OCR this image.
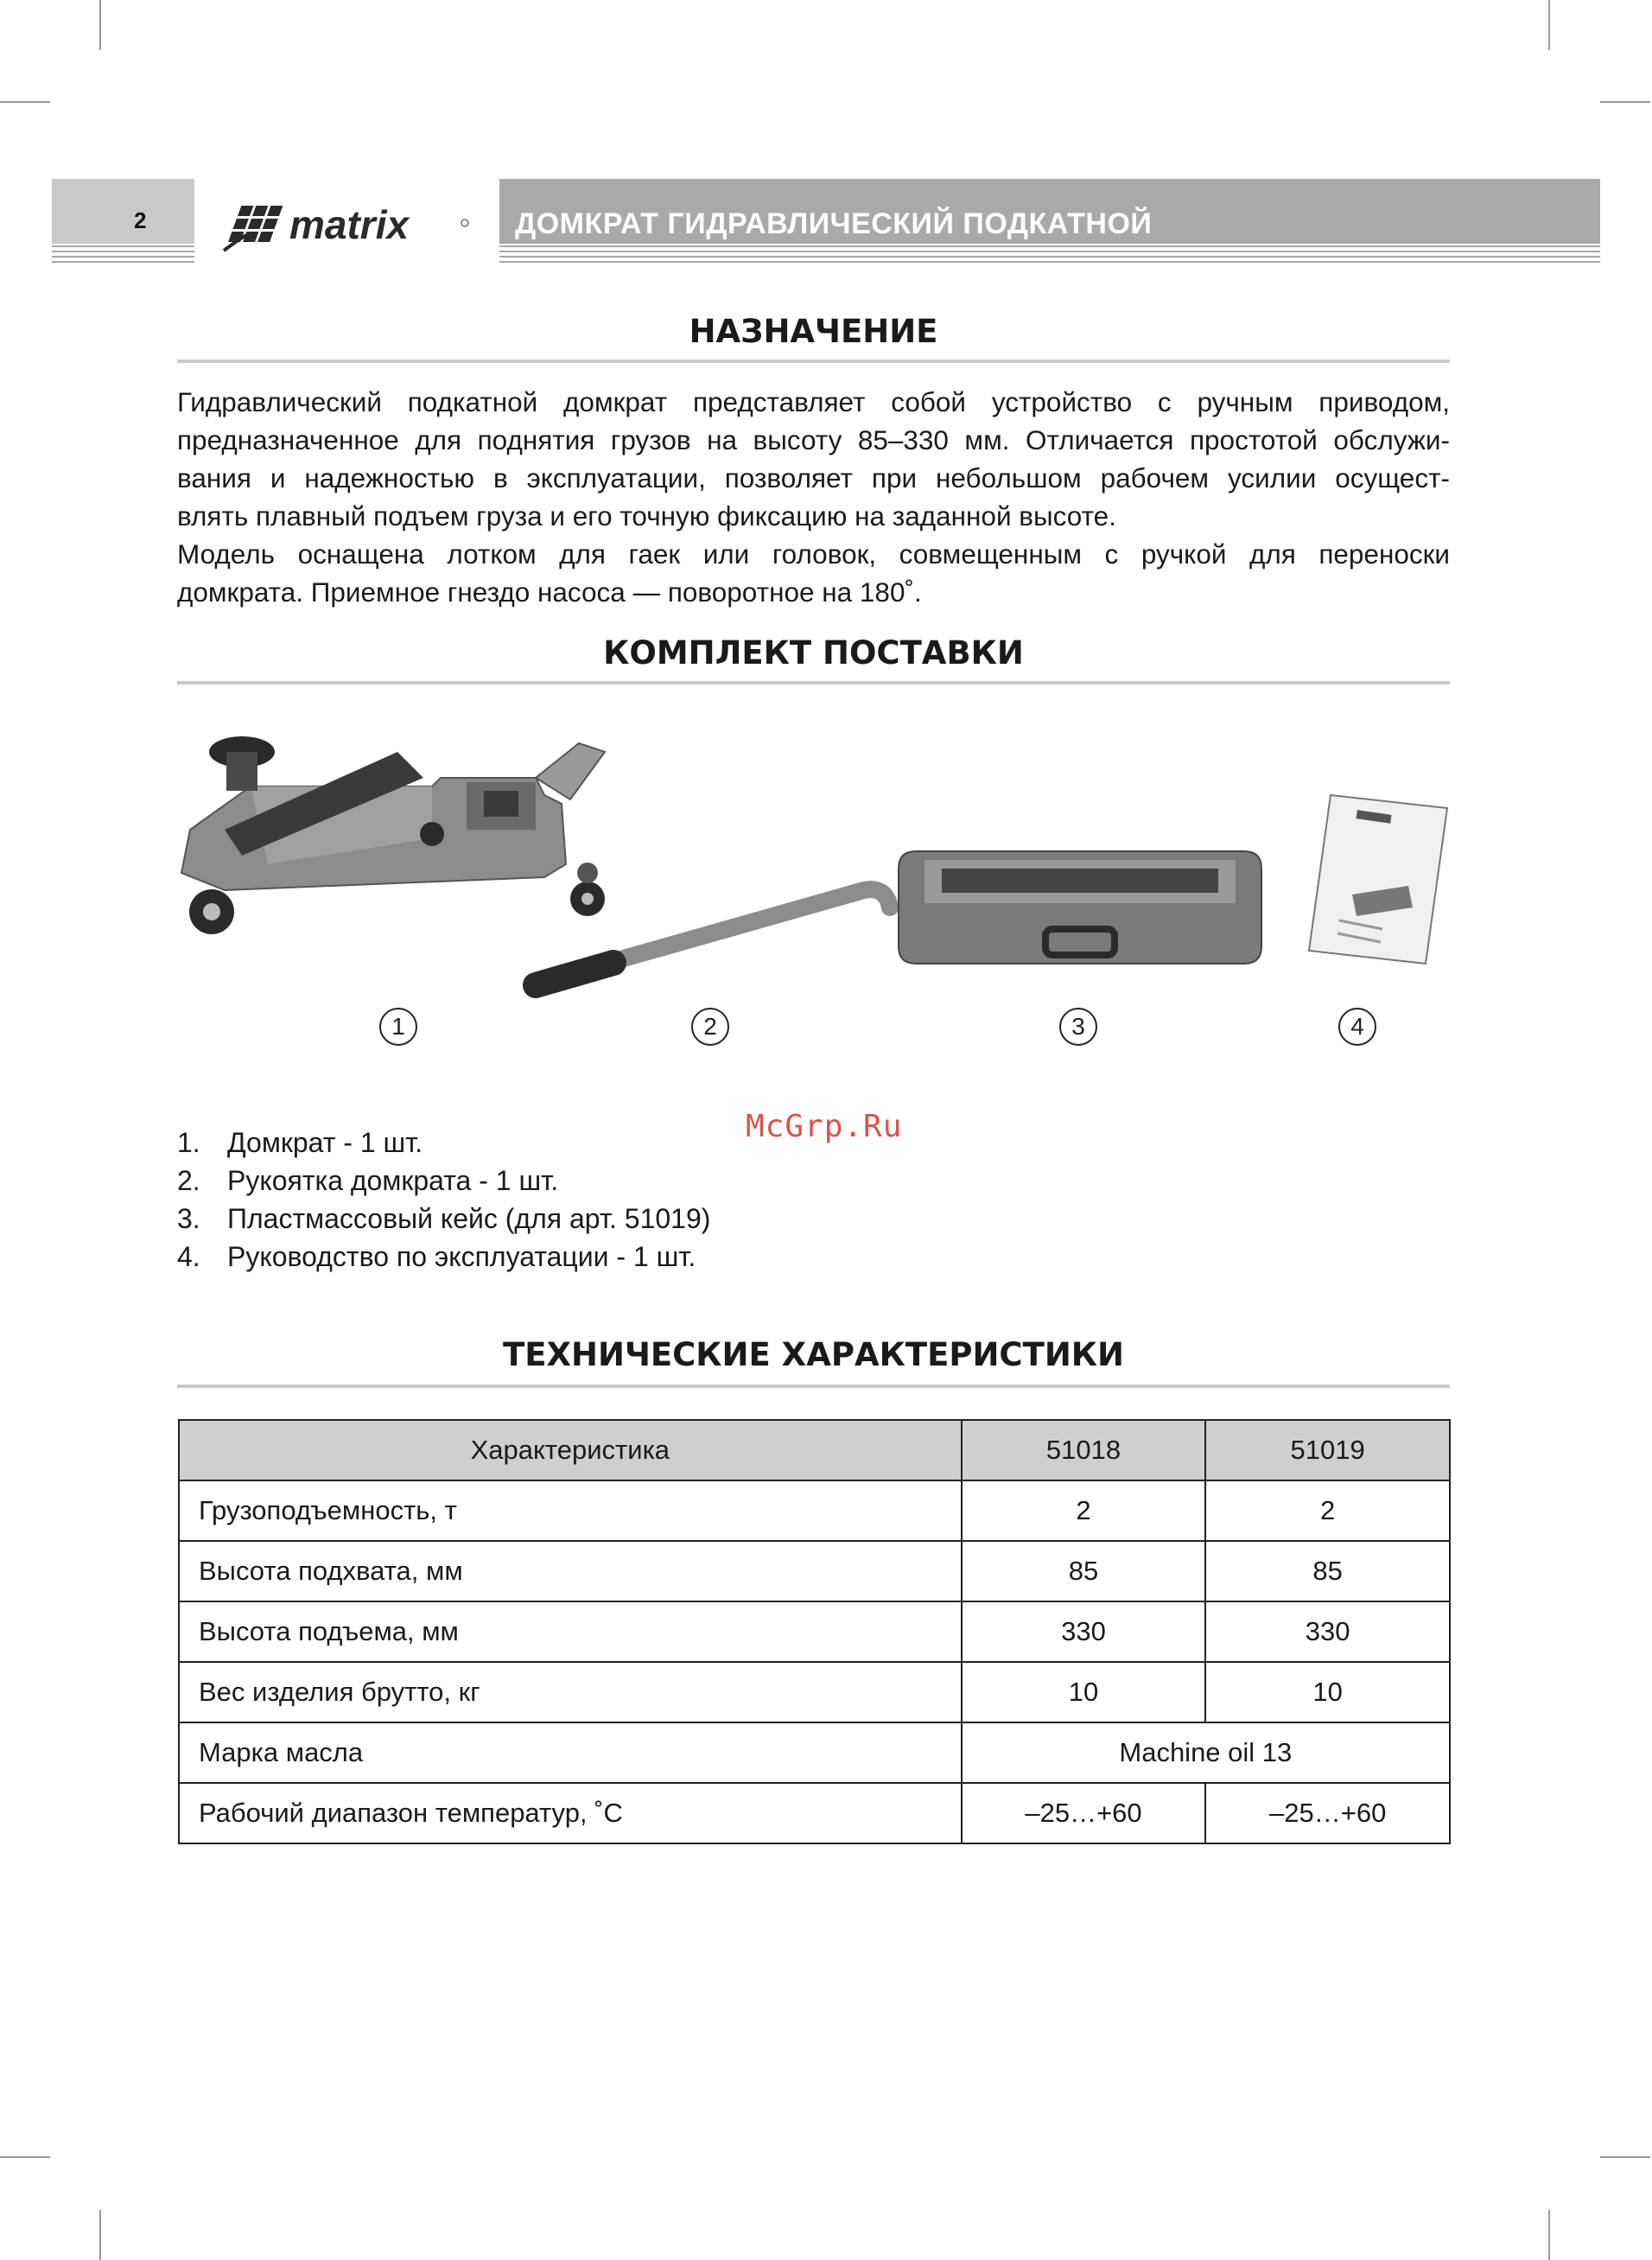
2	matrix	ДОМКРАТ ГИДРАВЛИЧЕСКИЙ ПОДКАТНОЙ
НАЗНАЧЕНИЕ
Гидравлический подкатной домкрат представляет собой устройство с ручным приводом,
предназначенное для поднятия грузов на высоту 85–330 мм. Отличается простотой обслужи-
вания и надежностью в эксплуатации, позволяет при небольшом рабочем усилии осущест-
влять плавный подъем груза и его точную фиксацию на заданной высоте.
Модель оснащена лотком для гаек или головок, совмещенным с ручкой для переноски
домкрата. Приемное гнездо насоса — поворотное на 180˚.
КОМПЛЕКТ ПОСТАВКИ
1	2	3	4
McGrp.Ru
1. Домкрат - 1 шт.
2. Рукоятка домкрата - 1 шт.
3. Пластмассовый кейс (для арт. 51019)
4. Руководство по эксплуатации - 1 шт.
ТЕХНИЧЕСКИЕ ХАРАКТЕРИСТИКИ
Характеристика	51018	51019
Грузоподъемность, т	2	2
Высота подхвата, мм	85	85
Высота подъема, мм	330	330
Вес изделия брутто, кг	10	10
Марка масла	Machine oil 13	
Рабочий диапазон температур, ˚С	–25…+60	–25…+60
